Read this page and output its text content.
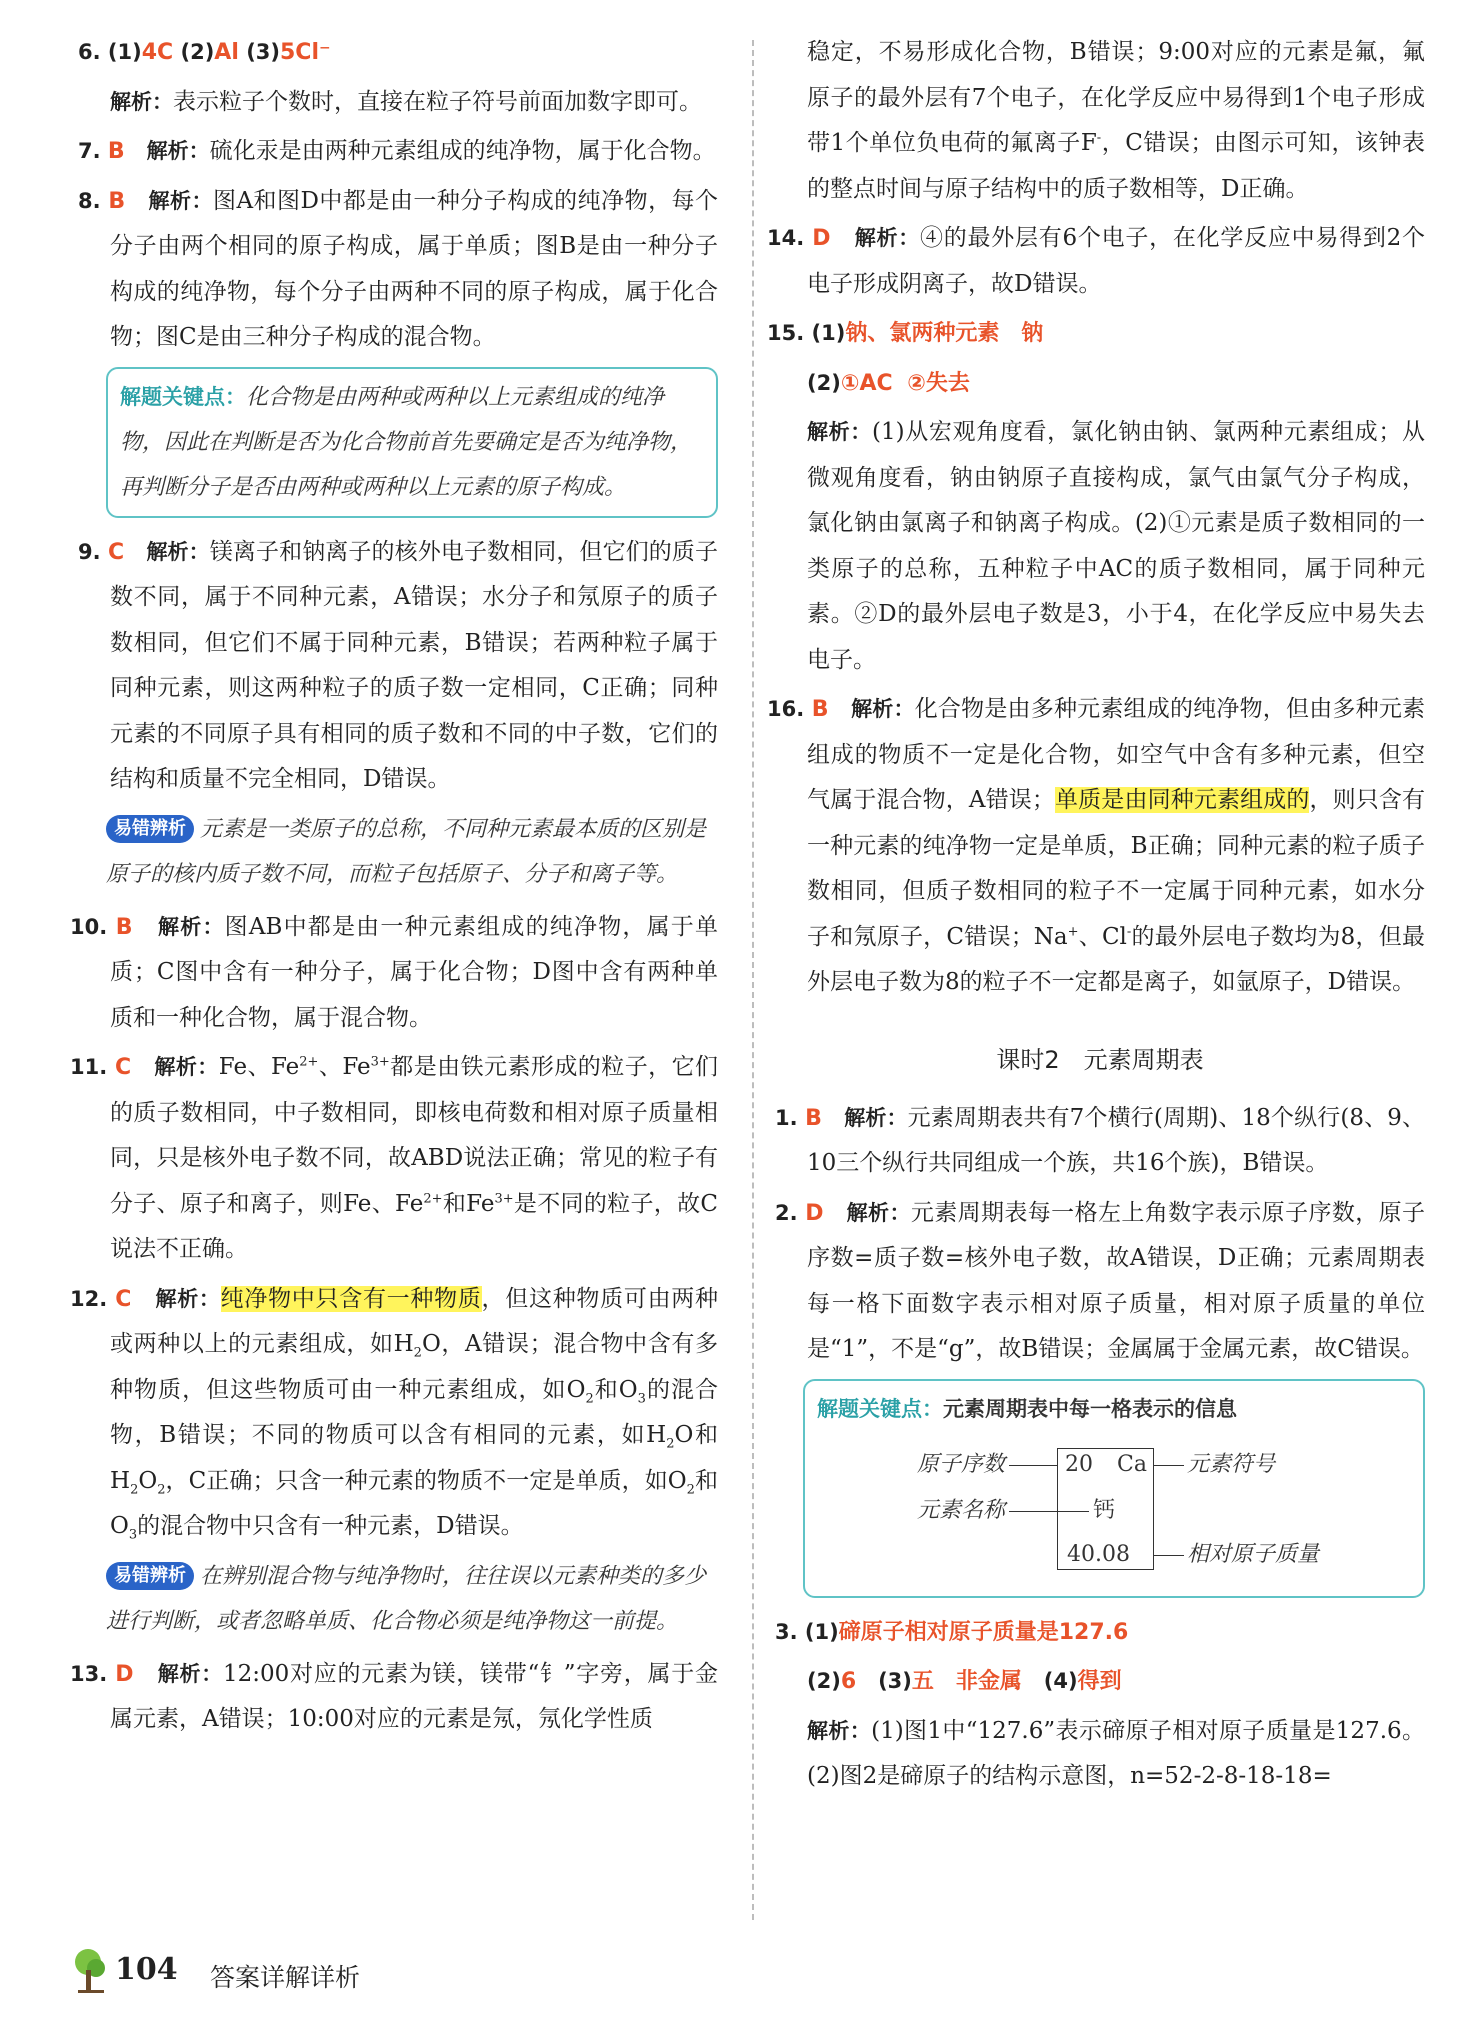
6. (1)4C (2)Al (3)5Cl⁻
解析：表示粒子个数时，直接在粒子符号前面加数字即可。
7. B 解析：硫化汞是由两种元素组成的纯净物，属于化合物。
8. B 解析：图A和图D中都是由一种分子构成的纯净物，每个分子由两个相同的原子构成，属于单质；图B是由一种分子构成的纯净物，每个分子由两种不同的原子构成，属于化合物；图C是由三种分子构成的混合物。
解题关键点：化合物是由两种或两种以上元素组成的纯净物，因此在判断是否为化合物前首先要确定是否为纯净物，再判断分子是否由两种或两种以上元素的原子构成。
9. C 解析：镁离子和钠离子的核外电子数相同，但它们的质子数不同，属于不同种元素，A错误；水分子和氖原子的质子数相同，但它们不属于同种元素，B错误；若两种粒子属于同种元素，则这两种粒子的质子数一定相同，C正确；同种元素的不同原子具有相同的质子数和不同的中子数，它们的结构和质量不完全相同，D错误。
易错辨析 元素是一类原子的总称，不同种元素最本质的区别是原子的核内质子数不同，而粒子包括原子、分子和离子等。
10. B 解析：图AB中都是由一种元素组成的纯净物，属于单质；C图中含有一种分子，属于化合物；D图中含有两种单质和一种化合物，属于混合物。
11. C 解析：Fe、$Fe^{2+}$、$Fe^{3+}$都是由铁元素形成的粒子，它们的质子数相同，中子数相同，即核电荷数和相对原子质量相同，只是核外电子数不同，故ABD说法正确；常见的粒子有分子、原子和离子，则Fe、$Fe^{2+}$和$Fe^{3+}$是不同的粒子，故C说法不正确。
12. C 解析：纯净物中只含有一种物质，但这种物质可由两种或两种以上的元素组成，如$H_2O$，A错误；混合物中含有多种物质，但这些物质可由一种元素组成，如$O_2$和$O_3$的混合物，B错误；不同的物质可以含有相同的元素，如$H_2O$和$H_2O_2$，C正确；只含一种元素的物质不一定是单质，如$O_2$和$O_3$的混合物中只含有一种元素，D错误。
易错辨析 在辨别混合物与纯净物时，往往误以元素种类的多少进行判断，或者忽略单质、化合物必须是纯净物这一前提。
13. D 解析：12:00对应的元素为镁，镁带“钅”字旁，属于金属元素，A错误；10:00对应的元素是氖，氖化学性质
稳定，不易形成化合物，B错误；9:00对应的元素是氟，氟原子的最外层有7个电子，在化学反应中易得到1个电子形成带1个单位负电荷的氟离子F-，C错误；由图示可知，该钟表的整点时间与原子结构中的质子数相等，D正确。
14. D 解析：④的最外层有6个电子，在化学反应中易得到2个电子形成阴离子，故D错误。
15. (1)钠、氯两种元素 钠
(2)①AC ②失去
解析：(1)从宏观角度看，氯化钠由钠、氯两种元素组成；从微观角度看，钠由钠原子直接构成，氯气由氯气分子构成，氯化钠由氯离子和钠离子构成。(2)①元素是质子数相同的一类原子的总称，五种粒子中AC的质子数相同，属于同种元素。②D的最外层电子数是3，小于4，在化学反应中易失去电子。
16. B 解析：化合物是由多种元素组成的纯净物，但由多种元素组成的物质不一定是化合物，如空气中含有多种元素，但空气属于混合物，A错误；单质是由同种元素组成的，则只含有一种元素的纯净物一定是单质，B正确；同种元素的粒子质子数相同，但质子数相同的粒子不一定属于同种元素，如水分子和氖原子，C错误；Na+、Cl-的最外层电子数均为8，但最外层电子数为8的粒子不一定都是离子，如氩原子，D错误。
课时2　元素周期表
1. B 解析：元素周期表共有7个横行(周期)、18个纵行(8、9、10三个纵行共同组成一个族，共16个族)，B错误。
2. D 解析：元素周期表每一格左上角数字表示原子序数，原子序数=质子数=核外电子数，故A错误，D正确；元素周期表每一格下面数字表示相对原子质量，相对原子质量的单位是“1”，不是“g”，故B错误；金属属于金属元素，故C错误。
解题关键点：元素周期表中每一格表示的信息
原子序数	20 Ca 元素符号
元素名称	钙
40.08	相对原子质量
3. (1)碲原子相对原子质量是127.6
(2)6 (3)五 非金属 (4)得到
解析：(1)图1中“127.6”表示碲原子相对原子质量是127.6。(2)图2是碲原子的结构示意图，n=52-2-8-18-18=
104 答案详解详析
